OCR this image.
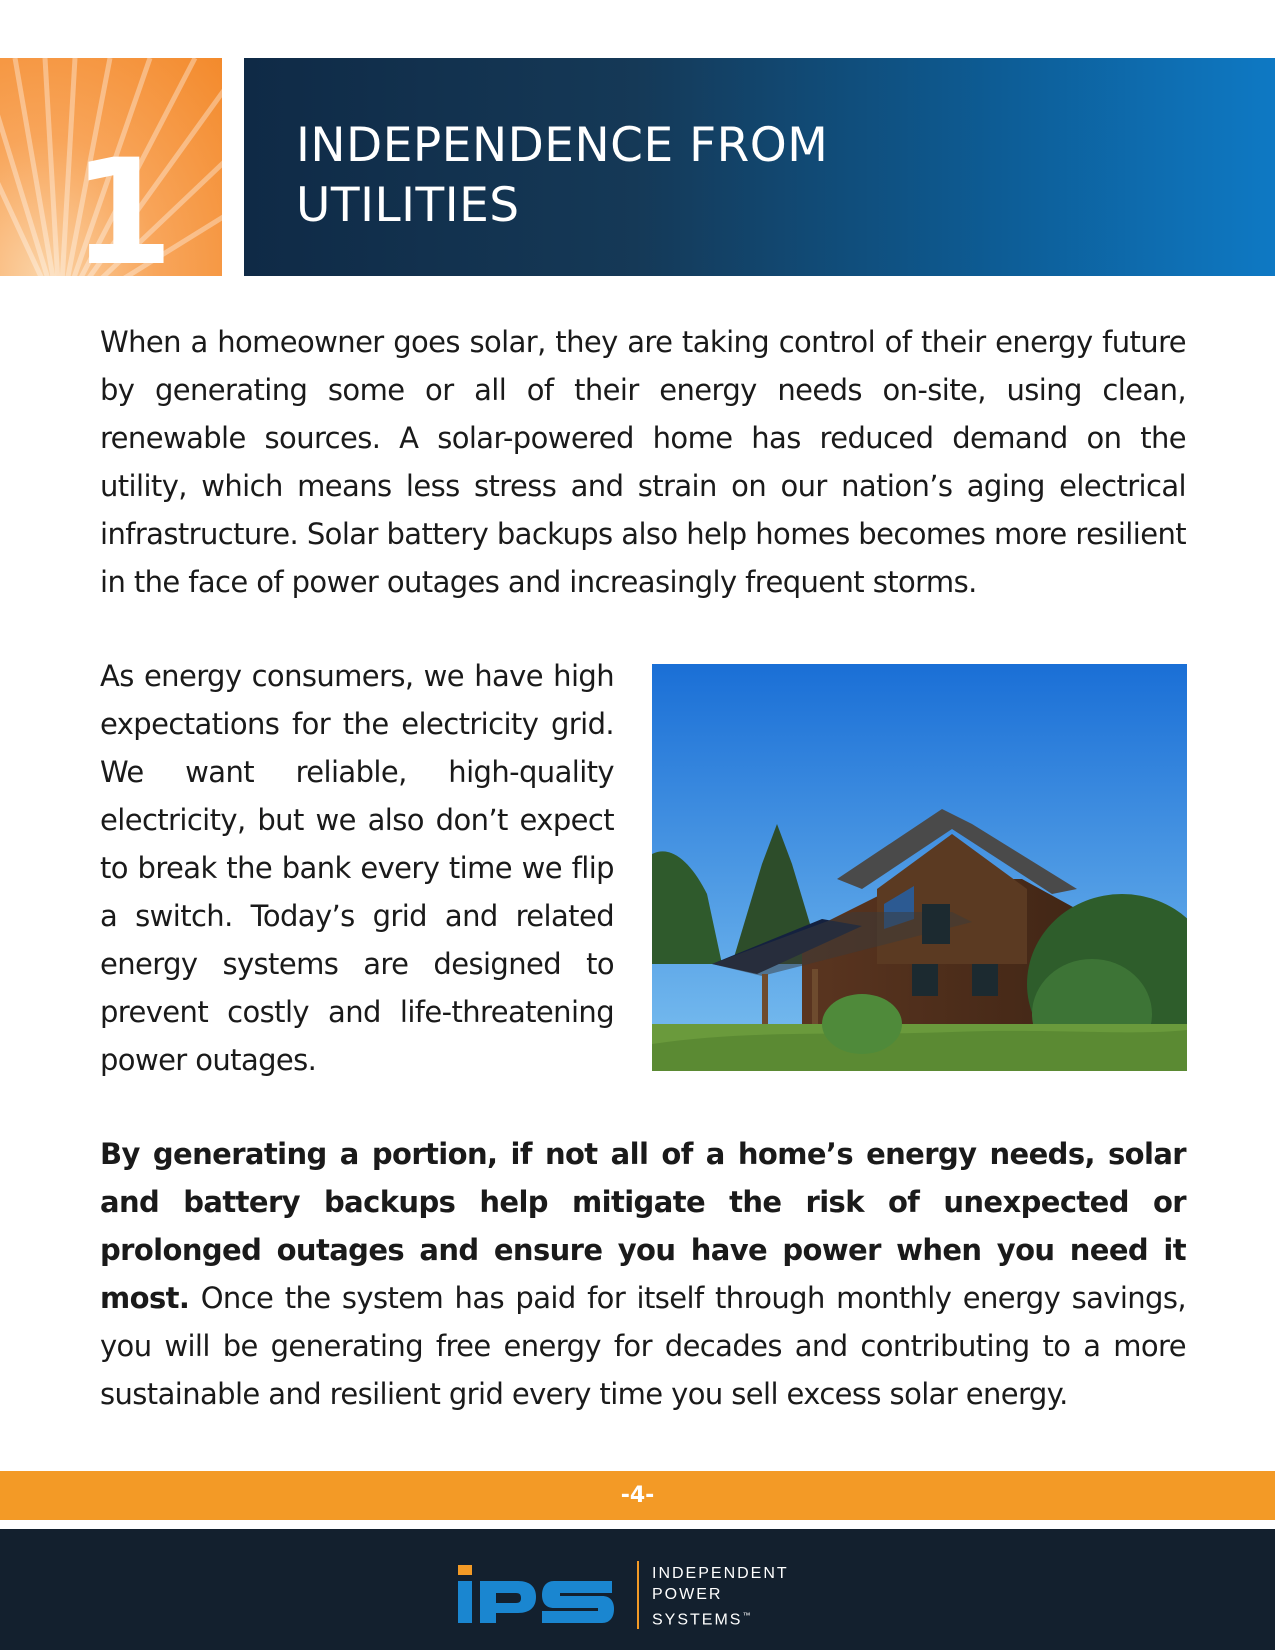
1	INDEPENDENCE FROM
UTILITIES

When a homeowner goes solar, they are taking control of their energy future by generating some or all of their energy needs on-site, using clean, renewable sources. A solar-powered home has reduced demand on the utility, which means less stress and strain on our nation’s aging electrical infrastructure. Solar battery backups also help homes becomes more resilient in the face of power outages and increasingly frequent storms.

As energy consumers, we have high expectations for the electricity grid. We want reliable, high-quality electricity, but we also don’t expect to break the bank every time we flip a switch. Today’s grid and related energy systems are designed to prevent costly and life-threatening power outages.

By generating a portion, if not all of a home’s energy needs, solar and battery backups help mitigate the risk of unexpected or prolonged outages and ensure you have power when you need it most. Once the system has paid for itself through monthly energy savings, you will be generating free energy for decades and contributing to a more sustainable and resilient grid every time you sell excess solar energy.

-4-
INDEPENDENT
POWER
SYSTEMS™
